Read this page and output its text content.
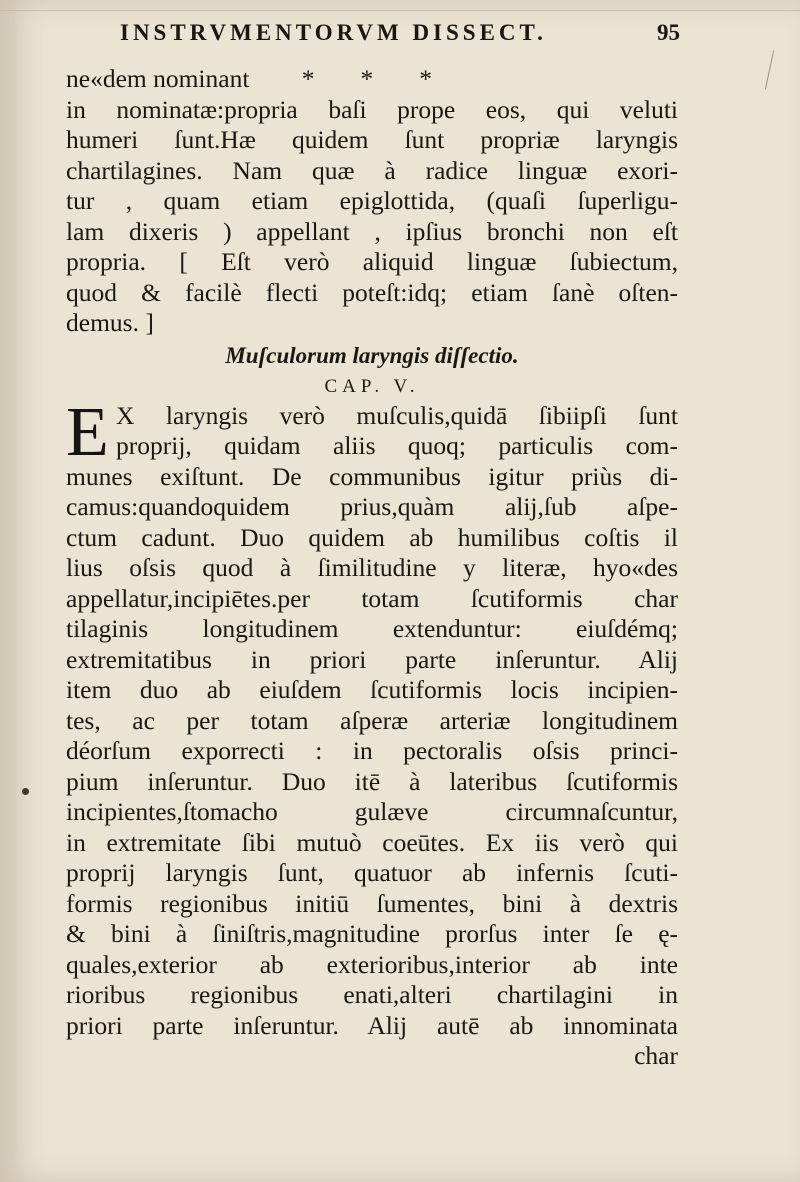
INSTRVMENTORVM DISSECT.	95
ne«dem nominant * * *
in nominatæ:propria baſi prope eos, qui veluti
humeri ſunt.Hæ quidem ſunt propriæ laryngis
chartilagines. Nam quæ à radice linguæ exori-
tur , quam etiam epiglottida, (quaſi ſuperligu-
lam dixeris ) appellant , ipſius bronchi non eſt
propria. [ Eſt verò aliquid linguæ ſubiectum,
quod & facilè flecti poteſt:idq; etiam ſanè oſten-
demus. ]
Muſculorum laryngis diſſectio.
CAP. V.
E X laryngis verò muſculis,quidā ſibiipſi ſunt
proprij, quidam aliis quoq; particulis com-
munes exiſtunt. De communibus igitur priùs di-
camus:quandoquidem prius,quàm alij,ſub aſpe-
ctum cadunt. Duo quidem ab humilibus coſtis il
lius oſsis quod à ſimilitudine y literæ, hyo«des
appellatur,incipiētes.per totam ſcutiformis char
tilaginis longitudinem extenduntur: eiuſdémq;
extremitatibus in priori parte inſeruntur. Alij
item duo ab eiuſdem ſcutiformis locis incipien-
tes, ac per totam aſperæ arteriæ longitudinem
déorſum exporrecti : in pectoralis oſsis princi-
pium inſeruntur. Duo itē à lateribus ſcutiformis
incipientes,ſtomacho gulæve circumnaſcuntur,
in extremitate ſibi mutuò coeūtes. Ex iis verò qui
proprij laryngis ſunt, quatuor ab infernis ſcuti-
formis regionibus initiū ſumentes, bini à dextris
& bini à ſiniſtris,magnitudine prorſus inter ſe ę-
quales,exterior ab exterioribus,interior ab inte
rioribus regionibus enati,alteri chartilagini in
priori parte inſeruntur. Alij autē ab innominata
char
